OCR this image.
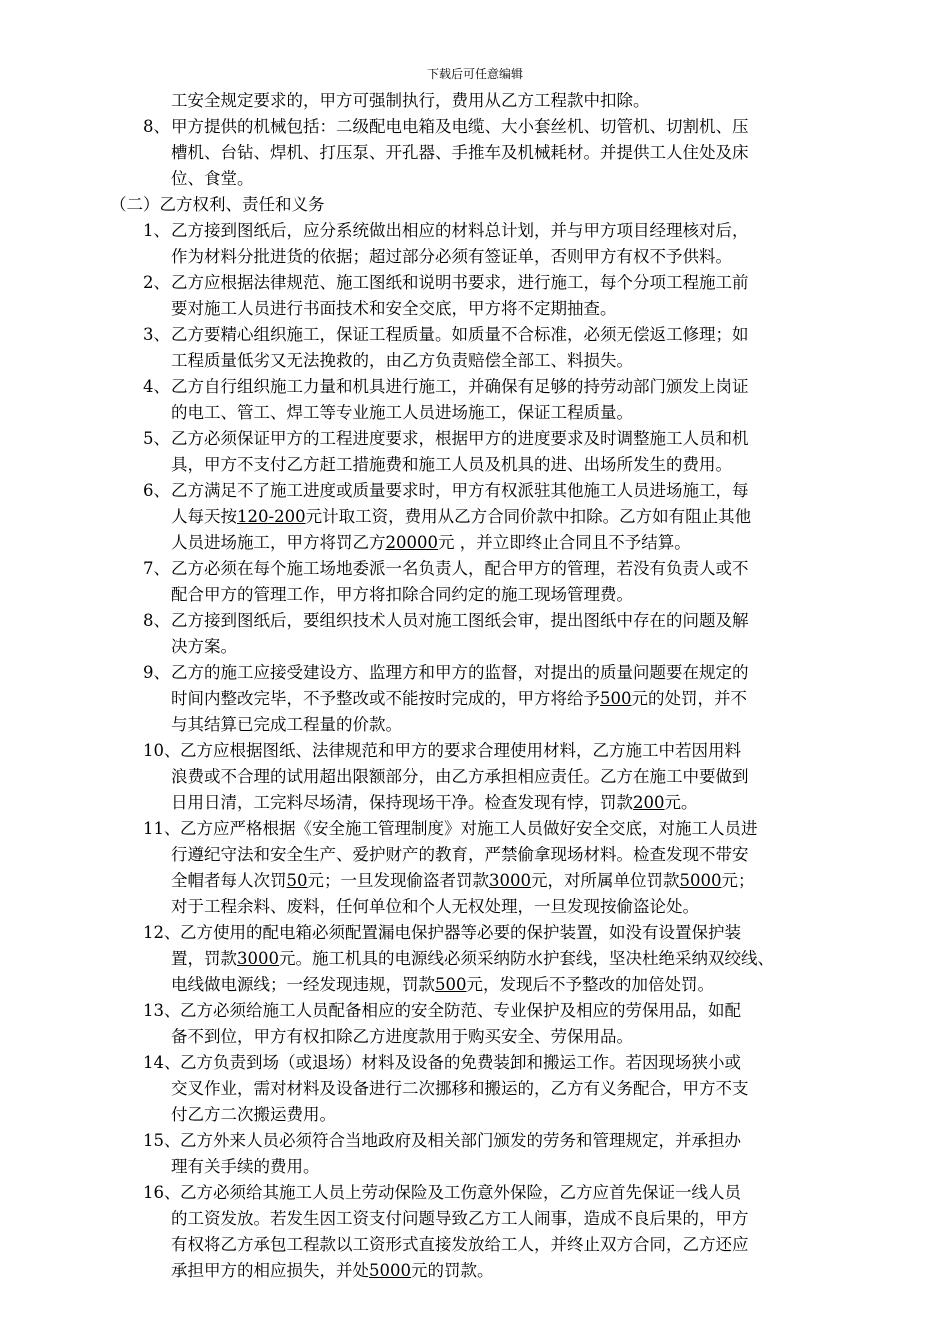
下载后可任意编辑
工安全规定要求的，甲方可强制执行，费用从乙方工程款中扣除。
8、 甲方提供的机械包括：二级配电电箱及电缆、大小套丝机、切管机、切割机、压
槽机、台钻、焊机、打压泵、开孔器、手推车及机械耗材。并提供工人住处及床
位、食堂。
（二）乙方权利、责任和义务
1、 乙方接到图纸后，应分系统做出相应的材料总计划，并与甲方项目经理核对后，
作为材料分批进货的依据；超过部分必须有签证单，否则甲方有权不予供料。
2、 乙方应根据法律规范、施工图纸和说明书要求，进行施工，每个分项工程施工前
要对施工人员进行书面技术和安全交底，甲方将不定期抽查。
3、 乙方要精心组织施工，保证工程质量。如质量不合标准，必须无偿返工修理；如
工程质量低劣又无法挽救的，由乙方负责赔偿全部工、料损失。
4、 乙方自行组织施工力量和机具进行施工，并确保有足够的持劳动部门颁发上岗证
的电工、管工、焊工等专业施工人员进场施工，保证工程质量。
5、 乙方必须保证甲方的工程进度要求，根据甲方的进度要求及时调整施工人员和机
具，甲方不支付乙方赶工措施费和施工人员及机具的进、出场所发生的费用。
6、 乙方满足不了施工进度或质量要求时，甲方有权派驻其他施工人员进场施工，每
人每天按120-200元计取工资，费用从乙方合同价款中扣除。乙方如有阻止其他
人员进场施工，甲方将罚乙方20000元 ，并立即终止合同且不予结算。
7、 乙方必须在每个施工场地委派一名负责人，配合甲方的管理，若没有负责人或不
配合甲方的管理工作，甲方将扣除合同约定的施工现场管理费。
8、 乙方接到图纸后，要组织技术人员对施工图纸会审，提出图纸中存在的问题及解
决方案。
9、 乙方的施工应接受建设方、监理方和甲方的监督，对提出的质量问题要在规定的
时间内整改完毕，不予整改或不能按时完成的，甲方将给予500元的处罚，并不
与其结算已完成工程量的价款。
10、 乙方应根据图纸、法律规范和甲方的要求合理使用材料，乙方施工中若因用料
浪费或不合理的试用超出限额部分，由乙方承担相应责任。乙方在施工中要做到
日用日清，工完料尽场清，保持现场干净。检查发现有悖，罚款200元。
11、 乙方应严格根据《安全施工管理制度》对施工人员做好安全交底，对施工人员进
行遵纪守法和安全生产、爱护财产的教育，严禁偷拿现场材料。检查发现不带安
全帽者每人次罚50元；一旦发现偷盗者罚款3000元，对所属单位罚款5000元；
对于工程余料、废料，任何单位和个人无权处理，一旦发现按偷盗论处。
12、 乙方使用的配电箱必须配置漏电保护器等必要的保护装置，如没有设置保护装
置，罚款3000元。施工机具的电源线必须采纳防水护套线，坚决杜绝采纳双绞线、
电线做电源线；一经发现违规，罚款500元，发现后不予整改的加倍处罚。
13、 乙方必须给施工人员配备相应的安全防范、专业保护及相应的劳保用品，如配
备不到位，甲方有权扣除乙方进度款用于购买安全、劳保用品。
14、 乙方负责到场（或退场）材料及设备的免费装卸和搬运工作。若因现场狭小或
交叉作业，需对材料及设备进行二次挪移和搬运的，乙方有义务配合，甲方不支
付乙方二次搬运费用。
15、 乙方外来人员必须符合当地政府及相关部门颁发的劳务和管理规定，并承担办
理有关手续的费用。
16、 乙方必须给其施工人员上劳动保险及工伤意外保险，乙方应首先保证一线人员
的工资发放。若发生因工资支付问题导致乙方工人闹事，造成不良后果的，甲方
有权将乙方承包工程款以工资形式直接发放给工人，并终止双方合同，乙方还应
承担甲方的相应损失，并处5000元的罚款。
